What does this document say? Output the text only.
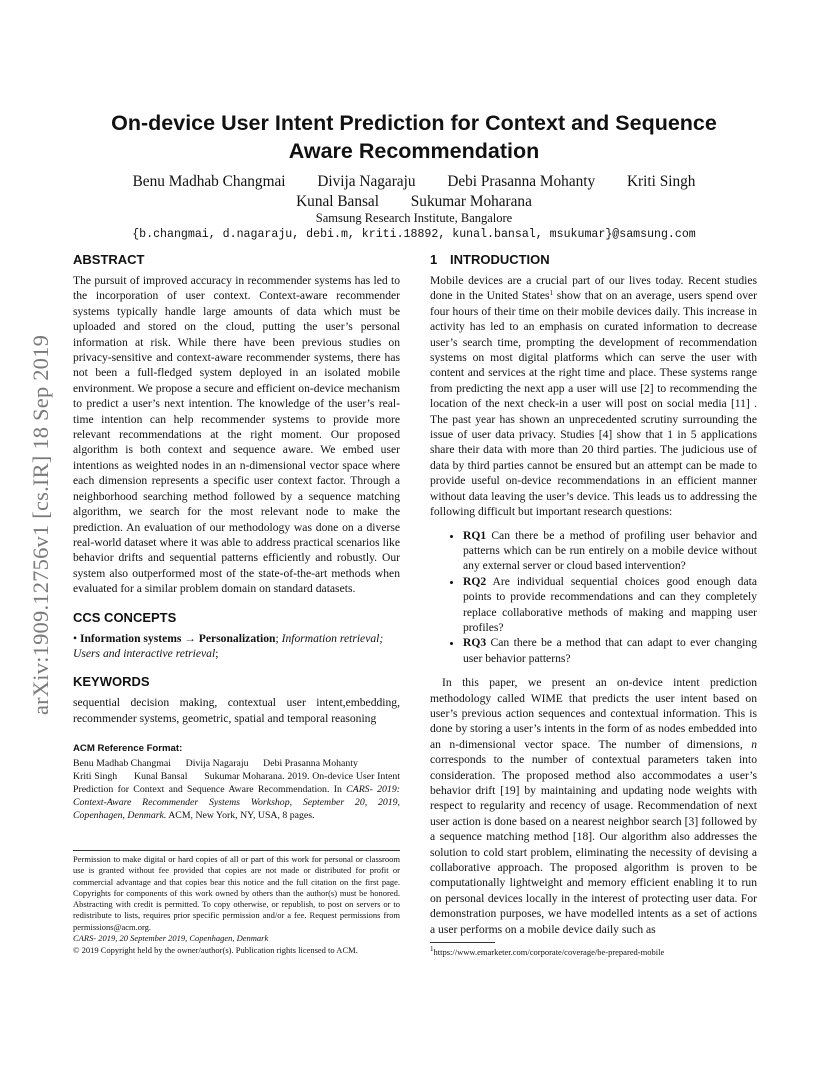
arXiv:1909.12756v1 [cs.IR] 18 Sep 2019
On-device User Intent Prediction for Context and Sequence Aware Recommendation
Benu Madhab Changmai Divija Nagaraju Debi Prasanna Mohanty Kriti Singh
Kunal Bansal Sukumar Moharana
Samsung Research Institute, Bangalore
{b.changmai, d.nagaraju, debi.m, kriti.18892, kunal.bansal, msukumar}@samsung.com
ABSTRACT

The pursuit of improved accuracy in recommender systems has led to the incorporation of user context. Context-aware recommender systems typically handle large amounts of data which must be uploaded and stored on the cloud, putting the user’s personal information at risk. While there have been previous studies on privacy-sensitive and context-aware recommender systems, there has not been a full-fledged system deployed in an isolated mobile environment. We propose a secure and efficient on-device mechanism to predict a user’s next intention. The knowledge of the user’s real-time intention can help recommender systems to provide more relevant recommendations at the right moment. Our proposed algorithm is both context and sequence aware. We embed user intentions as weighted nodes in an n-dimensional vector space where each dimension represents a specific user context factor. Through a neighborhood searching method followed by a sequence matching algorithm, we search for the most relevant node to make the prediction. An evaluation of our methodology was done on a diverse real-world dataset where it was able to address practical scenarios like behavior drifts and sequential patterns efficiently and robustly. Our system also outperformed most of the state-of-the-art methods when evaluated for a similar problem domain on standard datasets.

CCS CONCEPTS

• Information systems → Personalization; Information retrieval; Users and interactive retrieval;

KEYWORDS

sequential decision making, contextual user intent,embedding, recommender systems, geometric, spatial and temporal reasoning

ACM Reference Format:

Benu Madhab Changmai      Divija Nagaraju      Debi Prasanna Mohanty
Kriti Singh      Kunal Bansal      Sukumar Moharana. 2019. On-device User Intent Prediction for Context and Sequence Aware Recommendation. In CARS- 2019: Context-Aware Recommender Systems Workshop, September 20, 2019, Copenhagen, Denmark. ACM, New York, NY, USA, 8 pages.

Permission to make digital or hard copies of all or part of this work for personal or classroom use is granted without fee provided that copies are not made or distributed for profit or commercial advantage and that copies bear this notice and the full citation on the first page. Copyrights for components of this work owned by others than the author(s) must be honored. Abstracting with credit is permitted. To copy otherwise, or republish, to post on servers or to redistribute to lists, requires prior specific permission and/or a fee. Request permissions from permissions@acm.org.

CARS- 2019, 20 September 2019, Copenhagen, Denmark

© 2019 Copyright held by the owner/author(s). Publication rights licensed to ACM.

1 INTRODUCTION

Mobile devices are a crucial part of our lives today. Recent studies done in the United States$^1$ show that on an average, users spend over four hours of their time on their mobile devices daily. This increase in activity has led to an emphasis on curated information to decrease user’s search time, prompting the development of recommendation systems on most digital platforms which can serve the user with content and services at the right time and place. These systems range from predicting the next app a user will use [2] to recommending the location of the next check-in a user will post on social media [11] . The past year has shown an unprecedented scrutiny surrounding the issue of user data privacy. Studies [4] show that 1 in 5 applications share their data with more than 20 third parties. The judicious use of data by third parties cannot be ensured but an attempt can be made to provide useful on-device recommendations in an efficient manner without data leaving the user’s device. This leads us to addressing the following difficult but important research questions:

• RQ1 Can there be a method of profiling user behavior and patterns which can be run entirely on a mobile device without any external server or cloud based intervention?
• RQ2 Are individual sequential choices good enough data points to provide recommendations and can they completely replace collaborative methods of making and mapping user profiles?
• RQ3 Can there be a method that can adapt to ever changing user behavior patterns?

In this paper, we present an on-device intent prediction methodology called WIME that predicts the user intent based on user’s previous action sequences and contextual information. This is done by storing a user’s intents in the form of as nodes embedded into an n-dimensional vector space. The number of dimensions, n corresponds to the number of contextual parameters taken into consideration. The proposed method also accommodates a user’s behavior drift [19] by maintaining and updating node weights with respect to regularity and recency of usage. Recommendation of next user action is done based on a nearest neighbor search [3] followed by a sequence matching method [18]. Our algorithm also addresses the solution to cold start problem, eliminating the necessity of devising a collaborative approach. The proposed algorithm is proven to be computationally lightweight and memory efficient enabling it to run on personal devices locally in the interest of protecting user data. For demonstration purposes, we have modelled intents as a set of actions a user performs on a mobile device daily such as

$^1$https://www.emarketer.com/corporate/coverage/be-prepared-mobile
